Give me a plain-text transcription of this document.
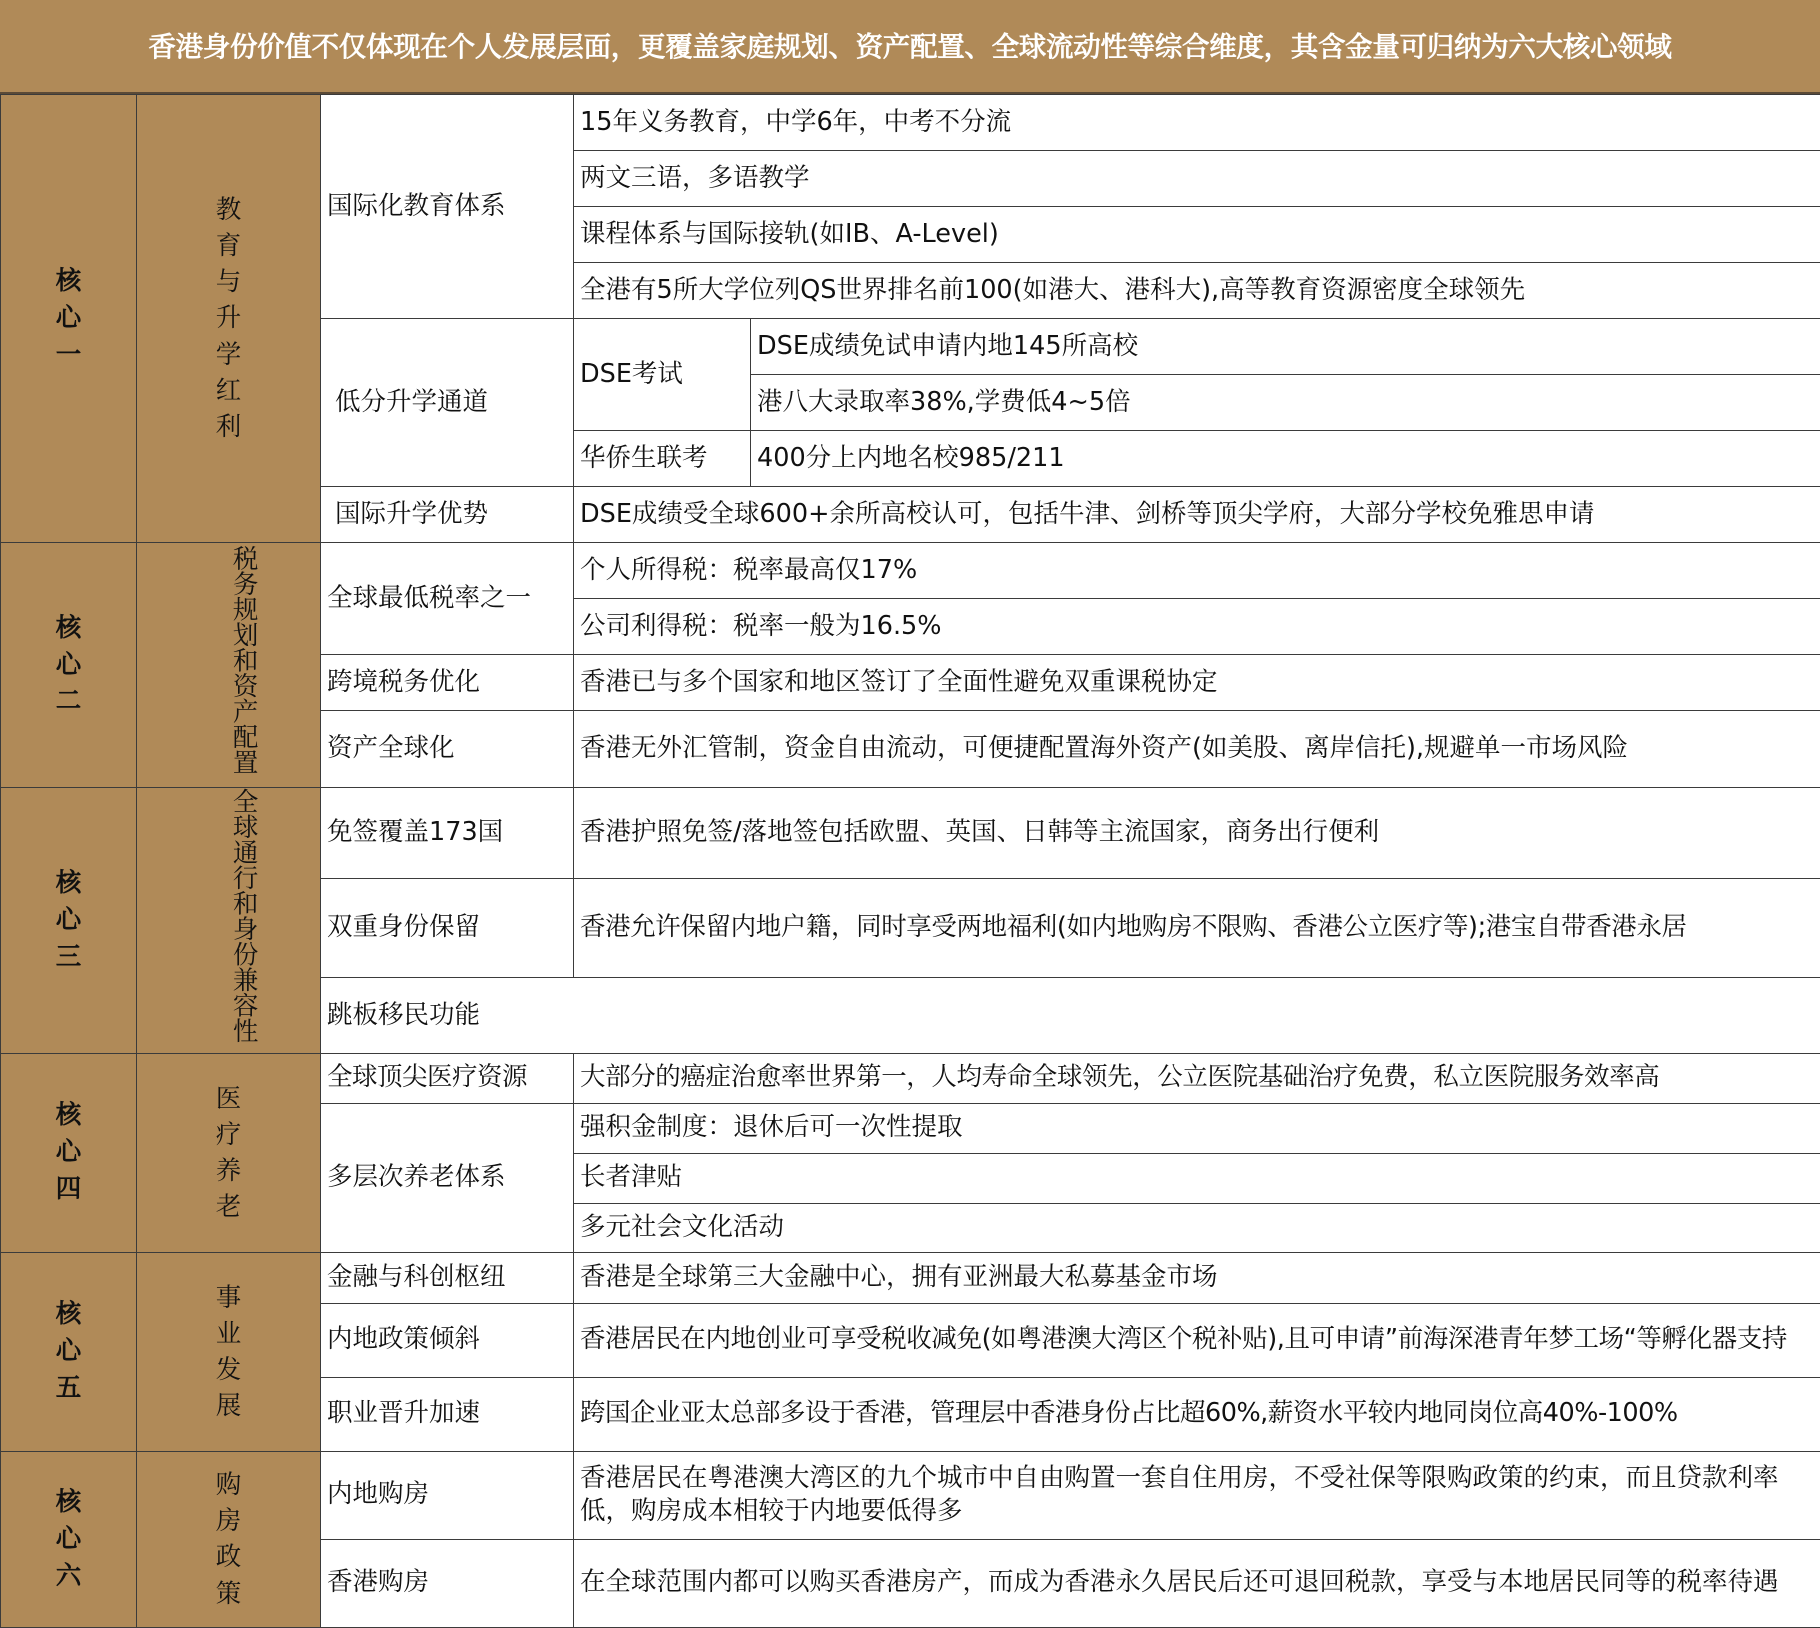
香港身份价值不仅体现在个人发展层面，更覆盖家庭规划、资产配置、全球流动性等综合维度，其含金量可归纳为六大核心领域
核心一	教育与升学红利	国际化教育体系	15年义务教育，中学6年，中考不分流	
			两文三语，多语教学	
			课程体系与国际接轨(如IB、A-Level)	
			全港有5所大学位列QS世界排名前100(如港大、港科大),高等教育资源密度全球领先	
		低分升学通道	DSE考试	DSE成绩免试申请内地145所高校
				港八大录取率38%,学费低4~5倍
			华侨生联考	400分上内地名校985/211
		国际升学优势	DSE成绩受全球600+余所高校认可，包括牛津、剑桥等顶尖学府，大部分学校免雅思申请	
核心二	税务规划和资产配置	全球最低税率之一	个人所得税：税率最高仅17%	
			公司利得税：税率一般为16.5%	
		跨境税务优化	香港已与多个国家和地区签订了全面性避免双重课税协定	
		资产全球化	香港无外汇管制，资金自由流动，可便捷配置海外资产(如美股、离岸信托),规避单一市场风险	
核心三	全球通行和身份兼容性	免签覆盖173国	香港护照免签/落地签包括欧盟、英国、日韩等主流国家，商务出行便利	
		双重身份保留	香港允许保留内地户籍，同时享受两地福利(如内地购房不限购、香港公立医疗等);港宝自带香港永居	
		跳板移民功能		
核心四	医疗养老	全球顶尖医疗资源	大部分的癌症治愈率世界第一，人均寿命全球领先，公立医院基础治疗免费，私立医院服务效率高	
		多层次养老体系	强积金制度：退休后可一次性提取	
			长者津贴	
			多元社会文化活动	
核心五	事业发展	金融与科创枢纽	香港是全球第三大金融中心，拥有亚洲最大私募基金市场	
		内地政策倾斜	香港居民在内地创业可享受税收减免(如粤港澳大湾区个税补贴),且可申请”前海深港青年梦工场“等孵化器支持	
		职业晋升加速	跨国企业亚太总部多设于香港，管理层中香港身份占比超60%,薪资水平较内地同岗位高40%-100%	
核心六	购房政策	内地购房	香港居民在粤港澳大湾区的九个城市中自由购置一套自住用房，不受社保等限购政策的约束，而且贷款利率低，购房成本相较于内地要低得多	
		香港购房	在全球范围内都可以购买香港房产，而成为香港永久居民后还可退回税款，享受与本地居民同等的税率待遇	
